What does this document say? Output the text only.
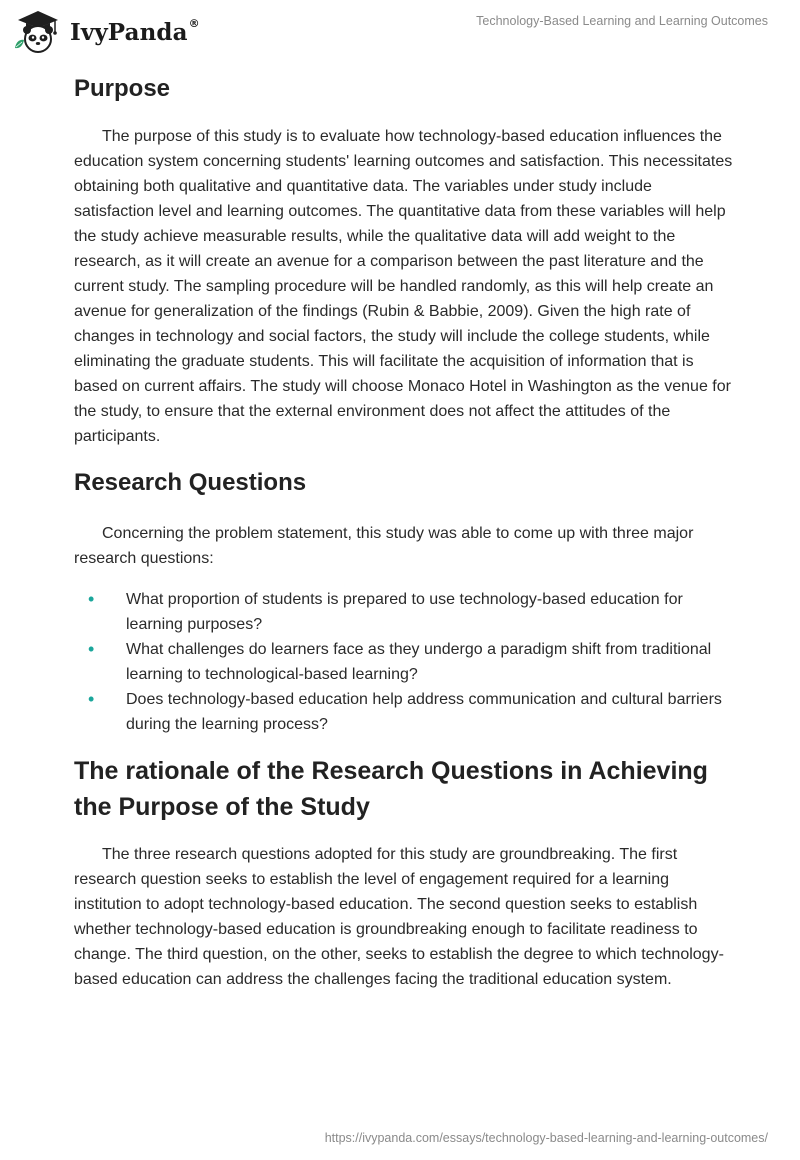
IvyPanda®	Technology-Based Learning and Learning Outcomes
Purpose

The purpose of this study is to evaluate how technology-based education influences the education system concerning students' learning outcomes and satisfaction. This necessitates obtaining both qualitative and quantitative data. The variables under study include satisfaction level and learning outcomes. The quantitative data from these variables will help the study achieve measurable results, while the qualitative data will add weight to the research, as it will create an avenue for a comparison between the past literature and the current study. The sampling procedure will be handled randomly, as this will help create an avenue for generalization of the findings (Rubin & Babbie, 2009). Given the high rate of changes in technology and social factors, the study will include the college students, while eliminating the graduate students. This will facilitate the acquisition of information that is based on current affairs. The study will choose Monaco Hotel in Washington as the venue for the study, to ensure that the external environment does not affect the attitudes of the participants.

Research Questions

Concerning the problem statement, this study was able to come up with three major research questions:

• What proportion of students is prepared to use technology-based education for learning purposes?
• What challenges do learners face as they undergo a paradigm shift from traditional learning to technological-based learning?
• Does technology-based education help address communication and cultural barriers during the learning process?
The rationale of the Research Questions in Achieving the Purpose of the Study

The three research questions adopted for this study are groundbreaking. The first research question seeks to establish the level of engagement required for a learning institution to adopt technology-based education. The second question seeks to establish whether technology-based education is groundbreaking enough to facilitate readiness to change. The third question, on the other, seeks to establish the degree to which technology-based education can address the challenges facing the traditional education system.

https://ivypanda.com/essays/technology-based-learning-and-learning-outcomes/
